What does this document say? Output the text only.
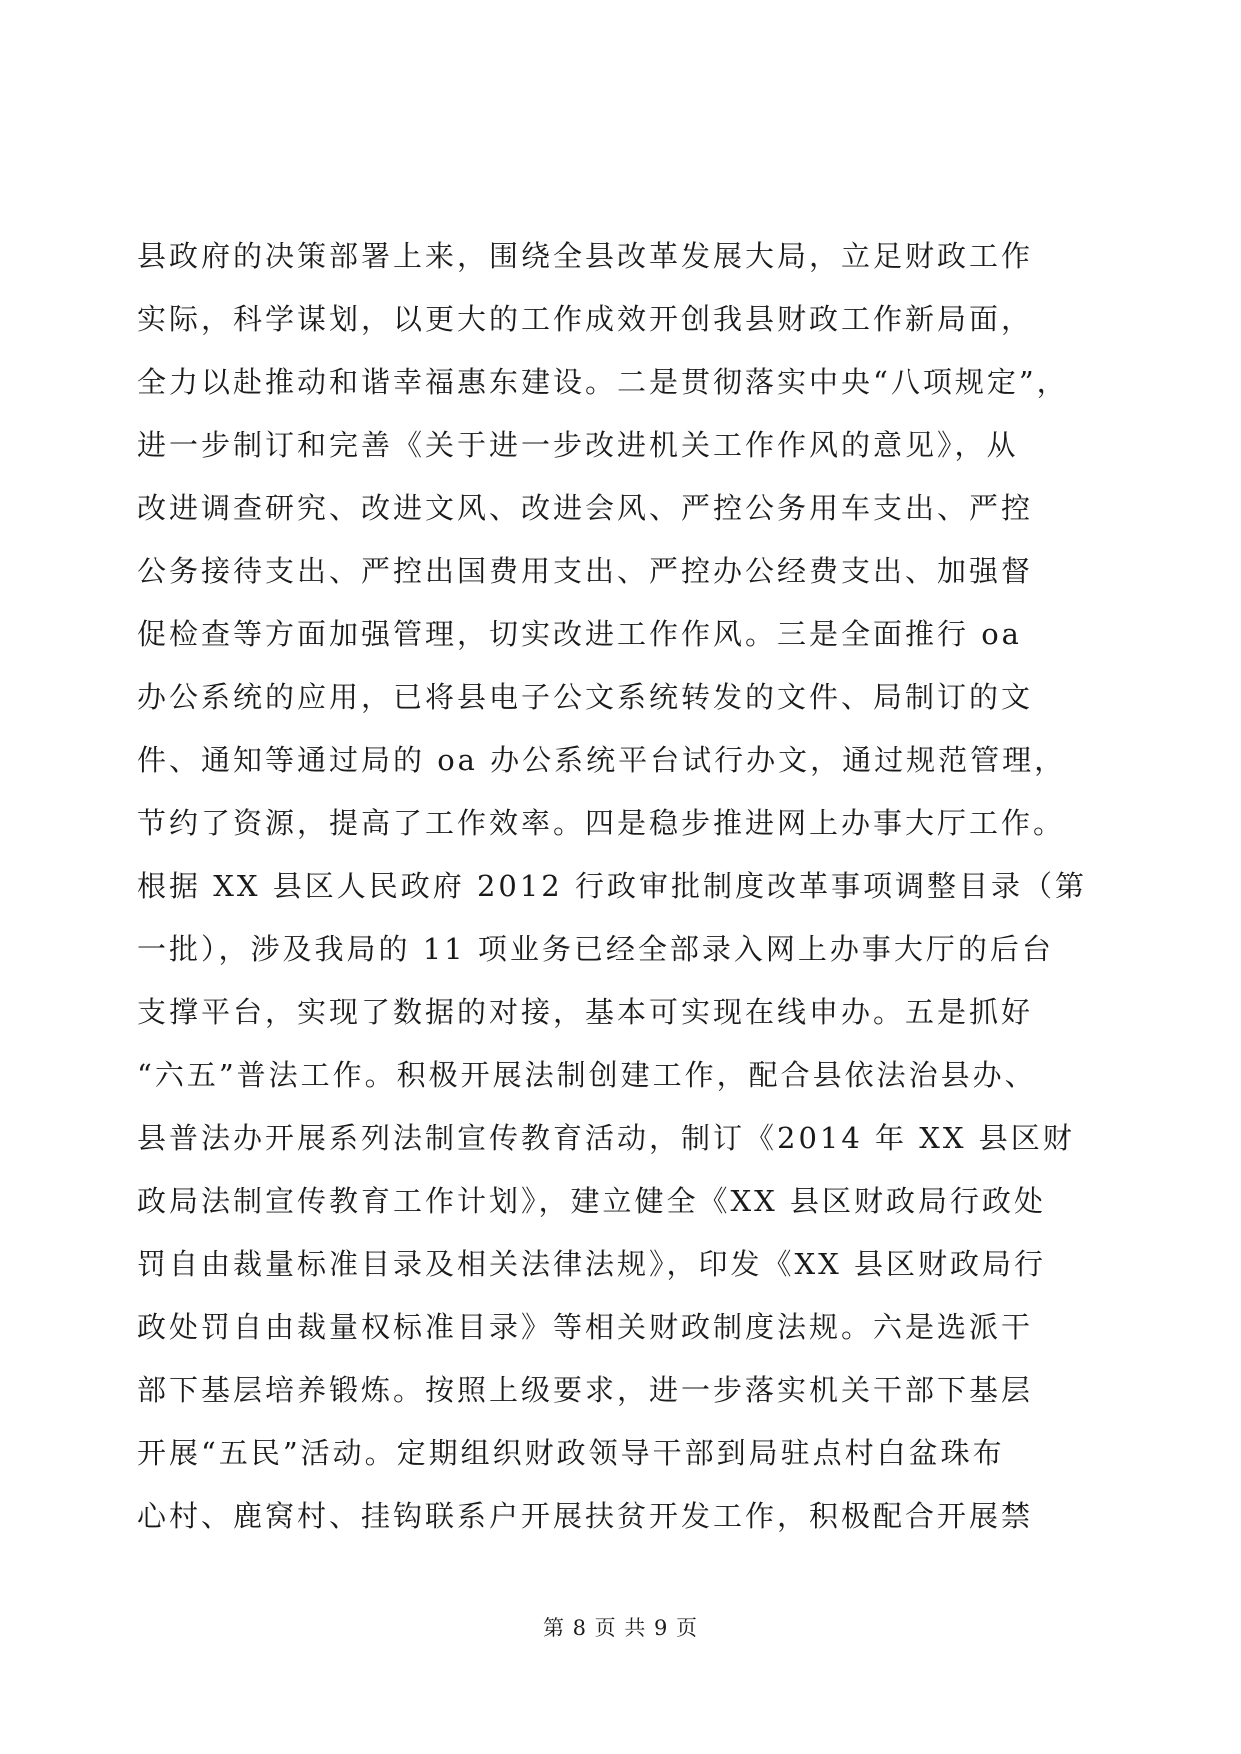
县政府的决策部署上来，围绕全县改革发展大局，立足财政工作
实际，科学谋划，以更大的工作成效开创我县财政工作新局面，
全力以赴推动和谐幸福惠东建设。二是贯彻落实中央“八项规定”，
进一步制订和完善《关于进一步改进机关工作作风的意见》，从
改进调查研究、改进文风、改进会风、严控公务用车支出、严控
公务接待支出、严控出国费用支出、严控办公经费支出、加强督
促检查等方面加强管理，切实改进工作作风。三是全面推行 oa
办公系统的应用，已将县电子公文系统转发的文件、局制订的文
件、通知等通过局的 oa 办公系统平台试行办文，通过规范管理，
节约了资源，提高了工作效率。四是稳步推进网上办事大厅工作。
根据 XX 县区人民政府 2012 行政审批制度改革事项调整目录（第
一批），涉及我局的 11 项业务已经全部录入网上办事大厅的后台
支撑平台，实现了数据的对接，基本可实现在线申办。五是抓好
“六五”普法工作。积极开展法制创建工作，配合县依法治县办、
县普法办开展系列法制宣传教育活动，制订《2014 年 XX 县区财
政局法制宣传教育工作计划》，建立健全《XX 县区财政局行政处
罚自由裁量标准目录及相关法律法规》，印发《XX 县区财政局行
政处罚自由裁量权标准目录》等相关财政制度法规。六是选派干
部下基层培养锻炼。按照上级要求，进一步落实机关干部下基层
开展“五民”活动。定期组织财政领导干部到局驻点村白盆珠布
心村、鹿窝村、挂钩联系户开展扶贫开发工作，积极配合开展禁
第 8 页 共 9 页
